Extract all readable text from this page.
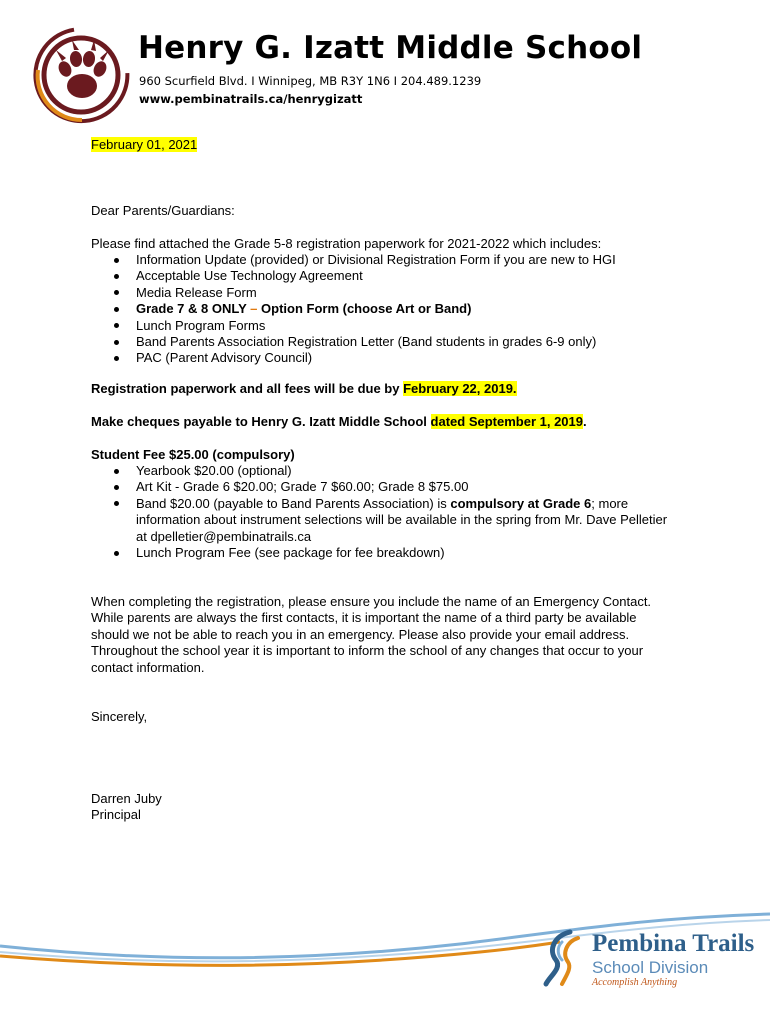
Henry G. Izatt Middle School
960 Scurfield Blvd. I Winnipeg, MB R3Y 1N6 I 204.489.1239
www.pembinatrails.ca/henrygizatt
February 01, 2021
Dear Parents/Guardians:
Please find attached the Grade 5-8 registration paperwork for 2021-2022 which includes:
Information Update (provided) or Divisional Registration Form if you are new to HGI
Acceptable Use Technology Agreement
Media Release Form
Grade 7 & 8 ONLY – Option Form (choose Art or Band)
Lunch Program Forms
Band Parents Association Registration Letter (Band students in grades 6-9 only)
PAC (Parent Advisory Council)
Registration paperwork and all fees will be due by February 22, 2019.
Make cheques payable to Henry G. Izatt Middle School dated September 1, 2019.
Student Fee $25.00 (compulsory)
Yearbook $20.00 (optional)
Art Kit - Grade 6 $20.00; Grade 7 $60.00; Grade 8 $75.00
Band $20.00 (payable to Band Parents Association) is compulsory at Grade 6; more information about instrument selections will be available in the spring from Mr. Dave Pelletier at dpelletier@pembinatrails.ca
Lunch Program Fee (see package for fee breakdown)
When completing the registration, please ensure you include the name of an Emergency Contact. While parents are always the first contacts, it is important the name of a third party be available should we not be able to reach you in an emergency. Please also provide your email address. Throughout the school year it is important to inform the school of any changes that occur to your contact information.
Sincerely,
Darren Juby
Principal
Pembina Trails
School Division
Accomplish Anything
